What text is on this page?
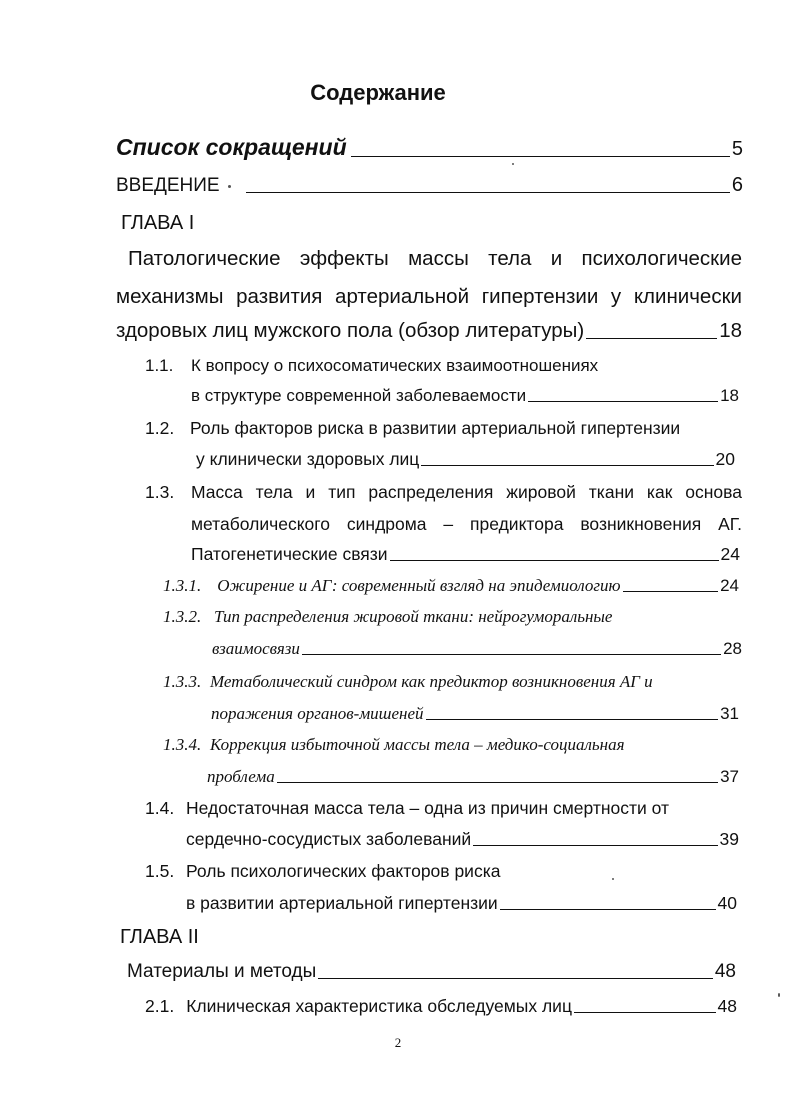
Содержание
Список сокращений	5
ВВЕДЕНИЕ	6
ГЛАВА I
Патологические эффекты массы тела и психологические
механизмы развития артериальной гипертензии у клинически
здоровых лиц мужского пола (обзор литературы)	18
1.1. К вопросу о психосоматических взаимоотношениях
в структуре современной заболеваемости	18
1.2. Роль факторов риска в развитии артериальной гипертензии
у клинически здоровых лиц	20
1.3. Масса тела и тип распределения жировой ткани как основа
метаболического синдрома – предиктора возникновения АГ.
Патогенетические связи	24
1.3.1. Ожирение и АГ: современный взгляд на эпидемиологию	24
1.3.2. Тип распределения жировой ткани: нейрогуморальные
взаимосвязи	28
1.3.3. Метаболический синдром как предиктор возникновения АГ и
поражения органов-мишеней	31
1.3.4. Коррекция избыточной массы тела – медико-социальная
проблема	37
1.4. Недостаточная масса тела – одна из причин смертности от
сердечно-сосудистых заболеваний	39
1.5. Роль психологических факторов риска
в развитии артериальной гипертензии	40
ГЛАВА II
Материалы и методы	48
2.1. Клиническая характеристика обследуемых лиц	48
2
